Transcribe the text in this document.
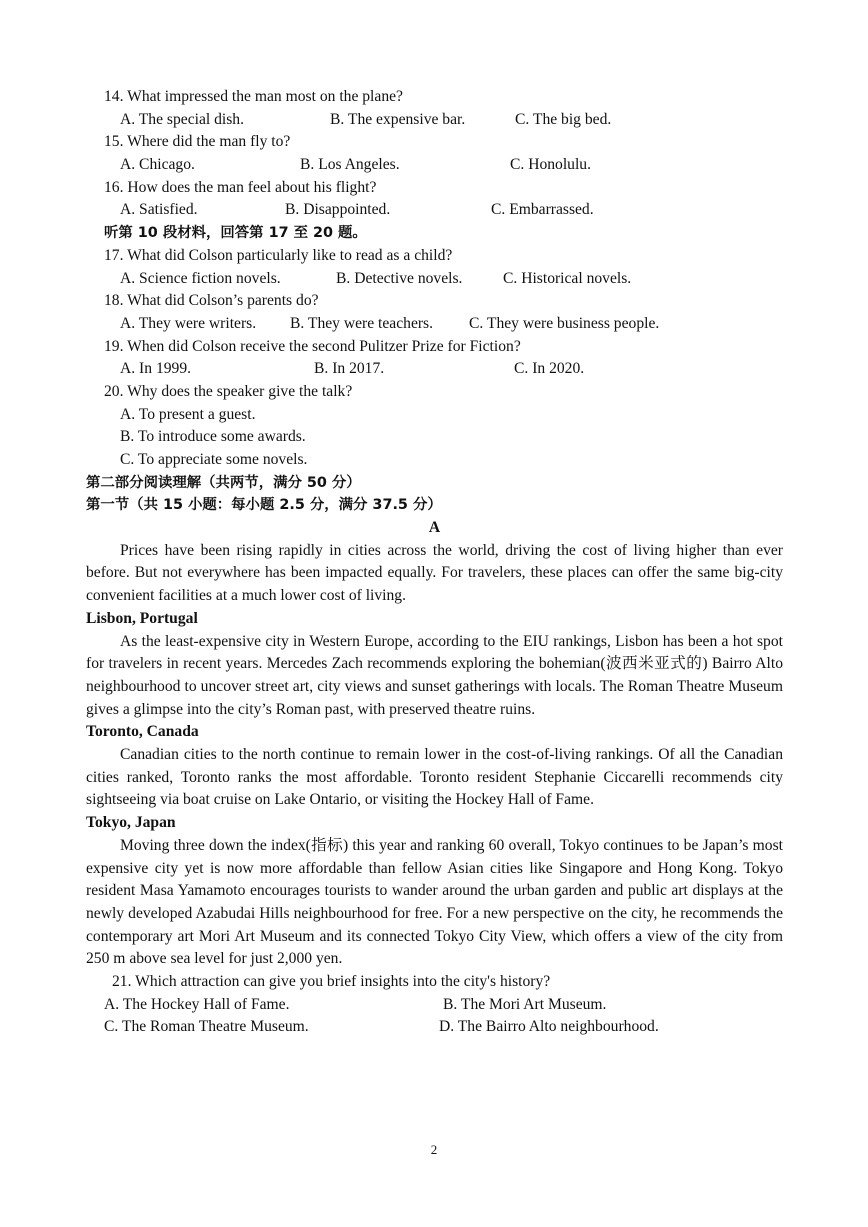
14. What impressed the man most on the plane?
A. The special dish.	B. The expensive bar.	C. The big bed.
15. Where did the man fly to?
A. Chicago.	B. Los Angeles.	C. Honolulu.
16. How does the man feel about his flight?
A. Satisfied.	B. Disappointed.	C. Embarrassed.
听第 10 段材料，回答第 17 至 20 题。
17. What did Colson particularly like to read as a child?
A. Science fiction novels.	B. Detective novels.	C. Historical novels.
18. What did Colson’s parents do?
A. They were writers. B. They were teachers. C. They were business people.
19. When did Colson receive the second Pulitzer Prize for Fiction?
A. In 1999.	B. In 2017.	C. In 2020.
20. Why does the speaker give the talk?
A. To present a guest.
B. To introduce some awards.
C. To appreciate some novels.
第二部分阅读理解（共两节，满分 50 分）
第一节（共 15 小题：每小题 2.5 分，满分 37.5 分）
A

Prices have been rising rapidly in cities across the world, driving the cost of living higher than ever before. But not everywhere has been impacted equally. For travelers, these places can offer the same big-city convenient facilities at a much lower cost of living.

Lisbon, Portugal

As the least-expensive city in Western Europe, according to the EIU rankings, Lisbon has been a hot spot for travelers in recent years. Mercedes Zach recommends exploring the bohemian(波西米亚式的) Bairro Alto neighbourhood to uncover street art, city views and sunset gatherings with locals. The Roman Theatre Museum gives a glimpse into the city’s Roman past, with preserved theatre ruins.

Toronto, Canada

Canadian cities to the north continue to remain lower in the cost-of-living rankings. Of all the Canadian cities ranked, Toronto ranks the most affordable. Toronto resident Stephanie Ciccarelli recommends city sightseeing via boat cruise on Lake Ontario, or visiting the Hockey Hall of Fame.

Tokyo, Japan

Moving three down the index(指标) this year and ranking 60 overall, Tokyo continues to be Japan’s most expensive city yet is now more affordable than fellow Asian cities like Singapore and Hong Kong. Tokyo resident Masa Yamamoto encourages tourists to wander around the urban garden and public art displays at the newly developed Azabudai Hills neighbourhood for free. For a new perspective on the city, he recommends the contemporary art Mori Art Museum and its connected Tokyo City View, which offers a view of the city from 250 m above sea level for just 2,000 yen.

21. Which attraction can give you brief insights into the city's history?
A. The Hockey Hall of Fame.	B. The Mori Art Museum.
C. The Roman Theatre Museum.	D. The Bairro Alto neighbourhood.
2
